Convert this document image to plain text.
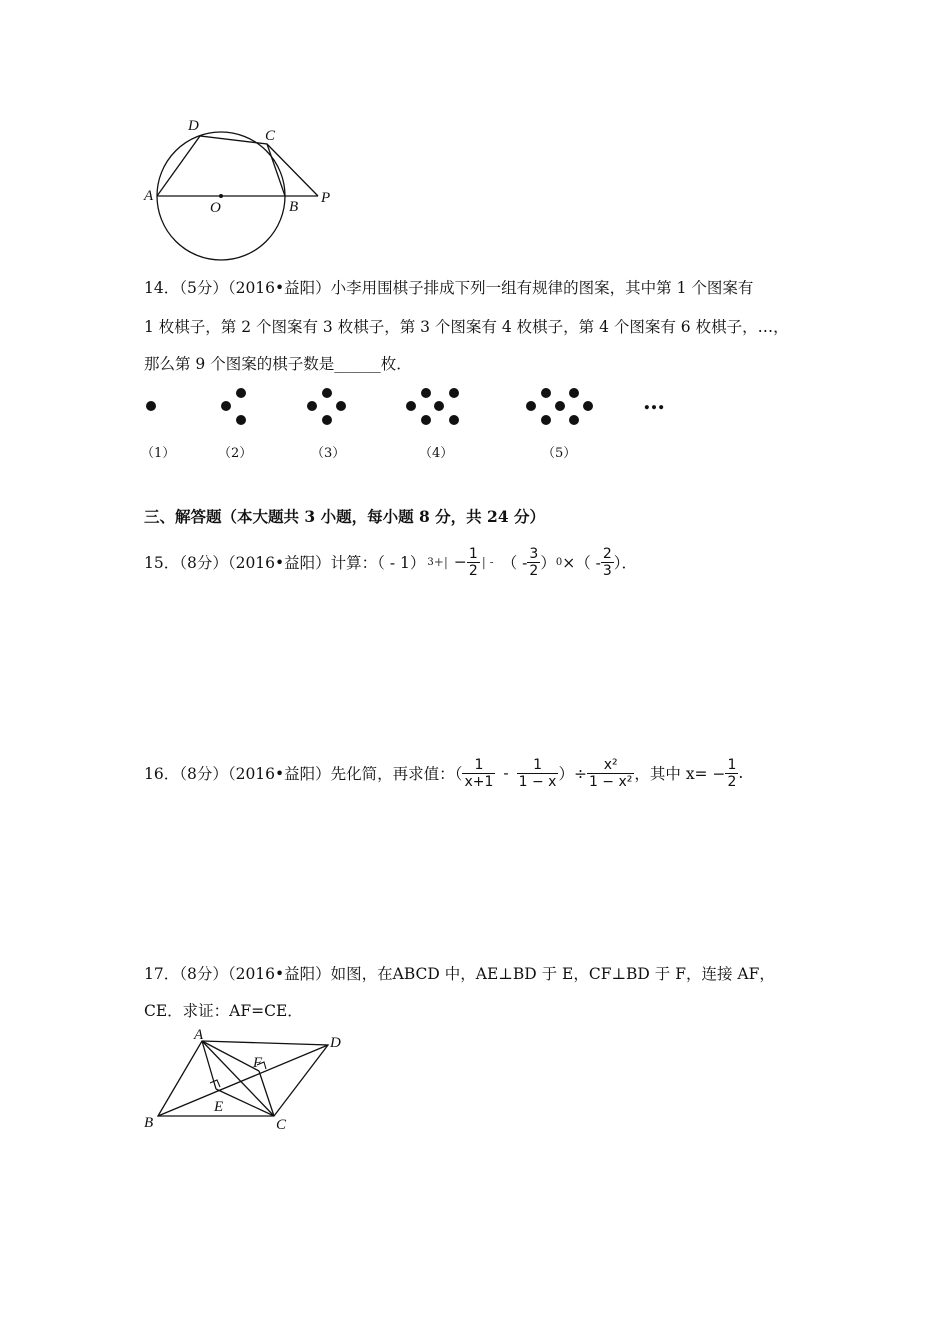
A
D
C
O	B
P
14．（5分）（2016•益阳）小李用围棋子排成下列一组有规律的图案，其中第 1 个图案有
1 枚棋子，第 2 个图案有 3 枚棋子，第 3 个图案有 4 枚棋子，第 4 个图案有 6 枚棋子，…，
那么第 9 个图案的棋子数是______枚．
…
（1）	（2）	（3）	（4）	（5）
三、解答题（本大题共 3 小题，每小题 8 分，共 24 分）
15．（8分）（2016•益阳）计算：（ - 1） 3 +| − $\frac{1}{2}$ | - （ - $\frac{3}{2}$ ） 0 ×（ - $\frac{2}{3}$ ）．
16．（8分）（2016•益阳）先化简，再求值：（ $\frac{1}{x+1} - \frac{1}{1 - x}$ ）÷ $\frac{\text{x²}}{\text{1 − x²}}$ ，其中 $x= - \frac{1}{2}$ .
17．（8分）（2016•益阳）如图，在ABCD 中，AE⊥BD 于 E，CF⊥BD 于 F，连接 AF，
CE．求证：AF=CE．
A	D
B	C
E
F
